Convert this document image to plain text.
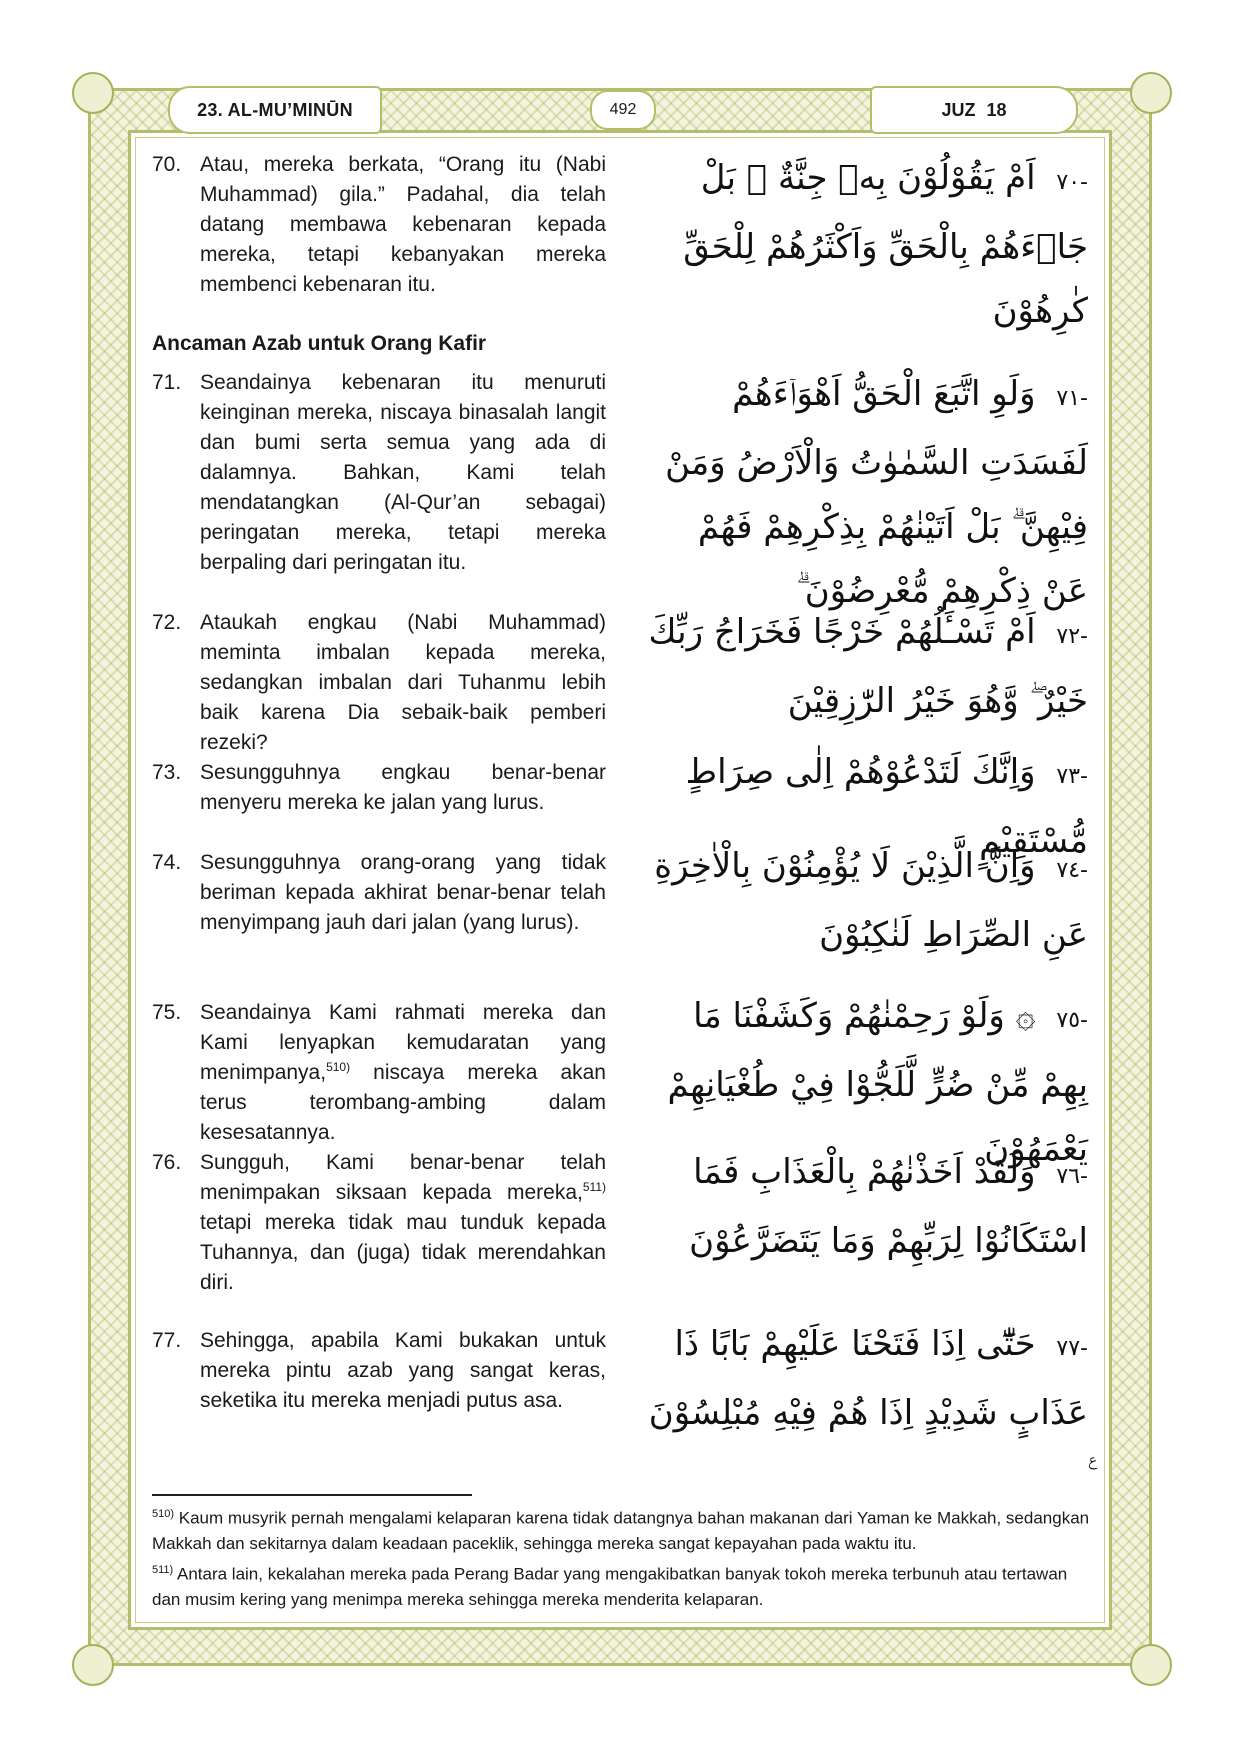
23. AL-MU’MINŪN	492	JUZ 18
70. Atau, mereka berkata, “Orang itu (Nabi Muhammad) gila.” Padahal, dia telah datang membawa kebenaran kepada mereka, tetapi kebanyakan mereka membenci kebenaran itu.
-٧٠ اَمْ يَقُوْلُوْنَ بِهٖ جِنَّةٌ ۗ بَلْ جَاۤءَهُمْ بِالْحَقِّ وَاَكْثَرُهُمْ لِلْحَقِّ كٰرِهُوْنَ
Ancaman Azab untuk Orang Kafir
71. Seandainya kebenaran itu menuruti keinginan mereka, niscaya binasalah langit dan bumi serta semua yang ada di dalamnya. Bahkan, Kami telah mendatangkan (Al-Qur’an sebagai) peringatan mereka, tetapi mereka berpaling dari peringatan itu.
-٧١ وَلَوِ اتَّبَعَ الْحَقُّ اَهْوَاۤءَهُمْ لَفَسَدَتِ السَّمٰوٰتُ وَالْاَرْضُ وَمَنْ فِيْهِنَّ ۗ بَلْ اَتَيْنٰهُمْ بِذِكْرِهِمْ فَهُمْ عَنْ ذِكْرِهِمْ مُّعْرِضُوْنَ ۗ
72. Ataukah engkau (Nabi Muhammad) meminta imbalan kepada mereka, sedangkan imbalan dari Tuhanmu lebih baik karena Dia sebaik-baik pemberi rezeki?
-٧٢ اَمْ تَسْـَٔلُهُمْ خَرْجًا فَخَرَاجُ رَبِّكَ خَيْرٌ ۖ وَّهُوَ خَيْرُ الرّٰزِقِيْنَ
73. Sesungguhnya engkau benar-benar menyeru mereka ke jalan yang lurus.
-٧٣ وَاِنَّكَ لَتَدْعُوْهُمْ اِلٰى صِرَاطٍ مُّسْتَقِيْمٍ
74. Sesungguhnya orang-orang yang tidak beriman kepada akhirat benar-benar telah menyimpang jauh dari jalan (yang lurus).
-٧٤ وَاِنَّ الَّذِيْنَ لَا يُؤْمِنُوْنَ بِالْاٰخِرَةِ عَنِ الصِّرَاطِ لَنٰكِبُوْنَ
75. Seandainya Kami rahmati mereka dan Kami lenyapkan kemudaratan yang menimpanya,$^{510)}$ niscaya mereka akan terus terombang-ambing dalam kesesatannya.
-٧٥ ۞ وَلَوْ رَحِمْنٰهُمْ وَكَشَفْنَا مَا بِهِمْ مِّنْ ضُرٍّ لَّلَجُّوْا فِيْ طُغْيَانِهِمْ يَعْمَهُوْنَ
76. Sungguh, Kami benar-benar telah menimpakan siksaan kepada mereka,$^{511)}$ tetapi mereka tidak mau tunduk kepada Tuhannya, dan (juga) tidak merendahkan diri.
-٧٦ وَلَقَدْ اَخَذْنٰهُمْ بِالْعَذَابِ فَمَا اسْتَكَانُوْا لِرَبِّهِمْ وَمَا يَتَضَرَّعُوْنَ
77. Sehingga, apabila Kami bukakan untuk mereka pintu azab yang sangat keras, seketika itu mereka menjadi putus asa.
-٧٧ حَتّٰٓى اِذَا فَتَحْنَا عَلَيْهِمْ بَابًا ذَا عَذَابٍ شَدِيْدٍ اِذَا هُمْ فِيْهِ مُبْلِسُوْنَ
$^{510)}$ Kaum musyrik pernah mengalami kelaparan karena tidak datangnya bahan makanan dari Yaman ke Makkah, sedangkan Makkah dan sekitarnya dalam keadaan paceklik, sehingga mereka sangat kepayahan pada waktu itu.
$^{511)}$ Antara lain, kekalahan mereka pada Perang Badar yang mengakibatkan banyak tokoh mereka terbunuh atau tertawan dan musim kering yang menimpa mereka sehingga mereka menderita kelaparan.
